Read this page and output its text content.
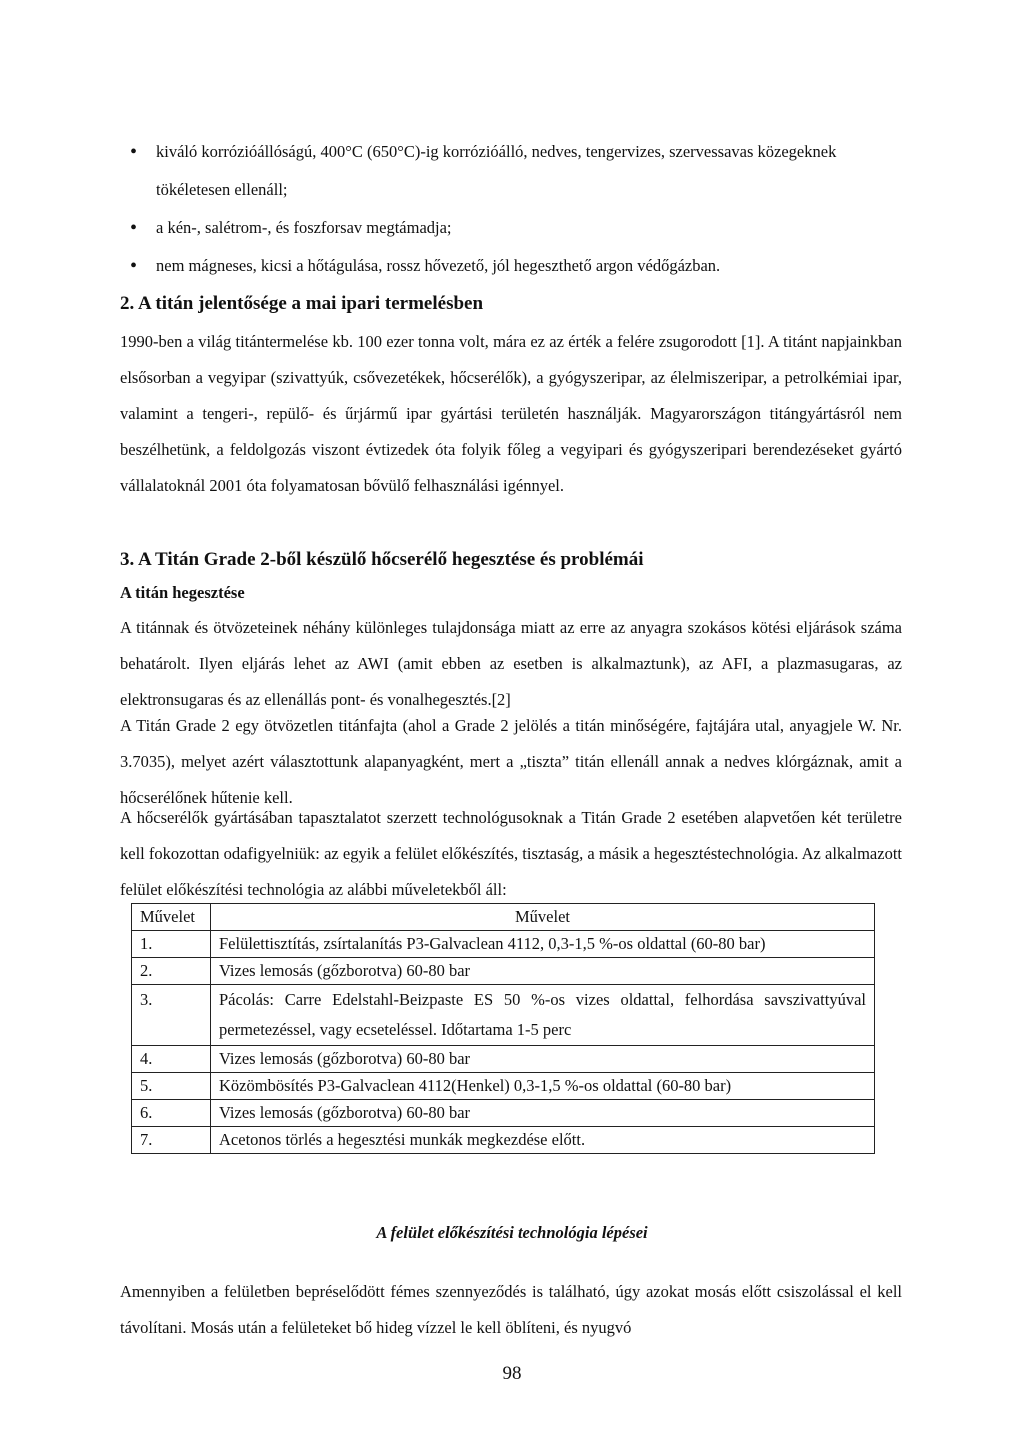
• kiváló korrózióállóságú, 400°C (650°C)-ig korrózióálló, nedves, tengervizes, szervessavas közegeknek tökéletesen ellenáll;
• a kén-, salétrom-, és foszforsav megtámadja;
• nem mágneses, kicsi a hőtágulása, rossz hővezető, jól hegeszthető argon védőgázban.
2. A titán jelentősége a mai ipari termelésben

1990-ben a világ titántermelése kb. 100 ezer tonna volt, mára ez az érték a felére zsugorodott [1]. A titánt napjainkban elsősorban a vegyipar (szivattyúk, csővezetékek, hőcserélők), a gyógyszeripar, az élelmiszeripar, a petrolkémiai ipar, valamint a tengeri-, repülő- és űrjármű ipar gyártási területén használják. Magyarországon titángyártásról nem beszélhetünk, a feldolgozás viszont évtizedek óta folyik főleg a vegyipari és gyógyszeripari berendezéseket gyártó vállalatoknál 2001 óta folyamatosan bővülő felhasználási igénnyel.

3. A Titán Grade 2-ből készülő hőcserélő hegesztése és problémái
A titán hegesztése

A titánnak és ötvözeteinek néhány különleges tulajdonsága miatt az erre az anyagra szokásos kötési eljárások száma behatárolt. Ilyen eljárás lehet az AWI (amit ebben az esetben is alkalmaztunk), az AFI, a plazmasugaras, az elektronsugaras és az ellenállás pont- és vonalhegesztés.[2]

A Titán Grade 2 egy ötvözetlen titánfajta (ahol a Grade 2 jelölés a titán minőségére, fajtájára utal, anyagjele W. Nr. 3.7035), melyet azért választottunk alapanyagként, mert a „tiszta” titán ellenáll annak a nedves klórgáznak, amit a hőcserélőnek hűtenie kell.

A hőcserélők gyártásában tapasztalatot szerzett technológusoknak a Titán Grade 2 esetében alapvetően két területre kell fokozottan odafigyelniük: az egyik a felület előkészítés, tisztaság, a másik a hegesztéstechnológia. Az alkalmazott felület előkészítési technológia az alábbi műveletekből áll:

Művelet	Művelet
1.	Felülettisztítás, zsírtalanítás P3-Galvaclean 4112, 0,3-1,5 %-os oldattal (60-80 bar)
2.	Vizes lemosás (gőzborotva) 60-80 bar
3.	Pácolás: Carre Edelstahl-Beizpaste ES 50 %-os vizes oldattal, felhordása savszivattyúval permetezéssel, vagy ecseteléssel. Időtartama 1-5 perc
4.	Vizes lemosás (gőzborotva) 60-80 bar
5.	Közömbösítés P3-Galvaclean 4112(Henkel) 0,3-1,5 %-os oldattal (60-80 bar)
6.	Vizes lemosás (gőzborotva) 60-80 bar
7.	Acetonos törlés a hegesztési munkák megkezdése előtt.
A felület előkészítési technológia lépései

Amennyiben a felületben bepréselődött fémes szennyeződés is található, úgy azokat mosás előtt csiszolással el kell távolítani. Mosás után a felületeket bő hideg vízzel le kell öblíteni, és nyugvó

98
